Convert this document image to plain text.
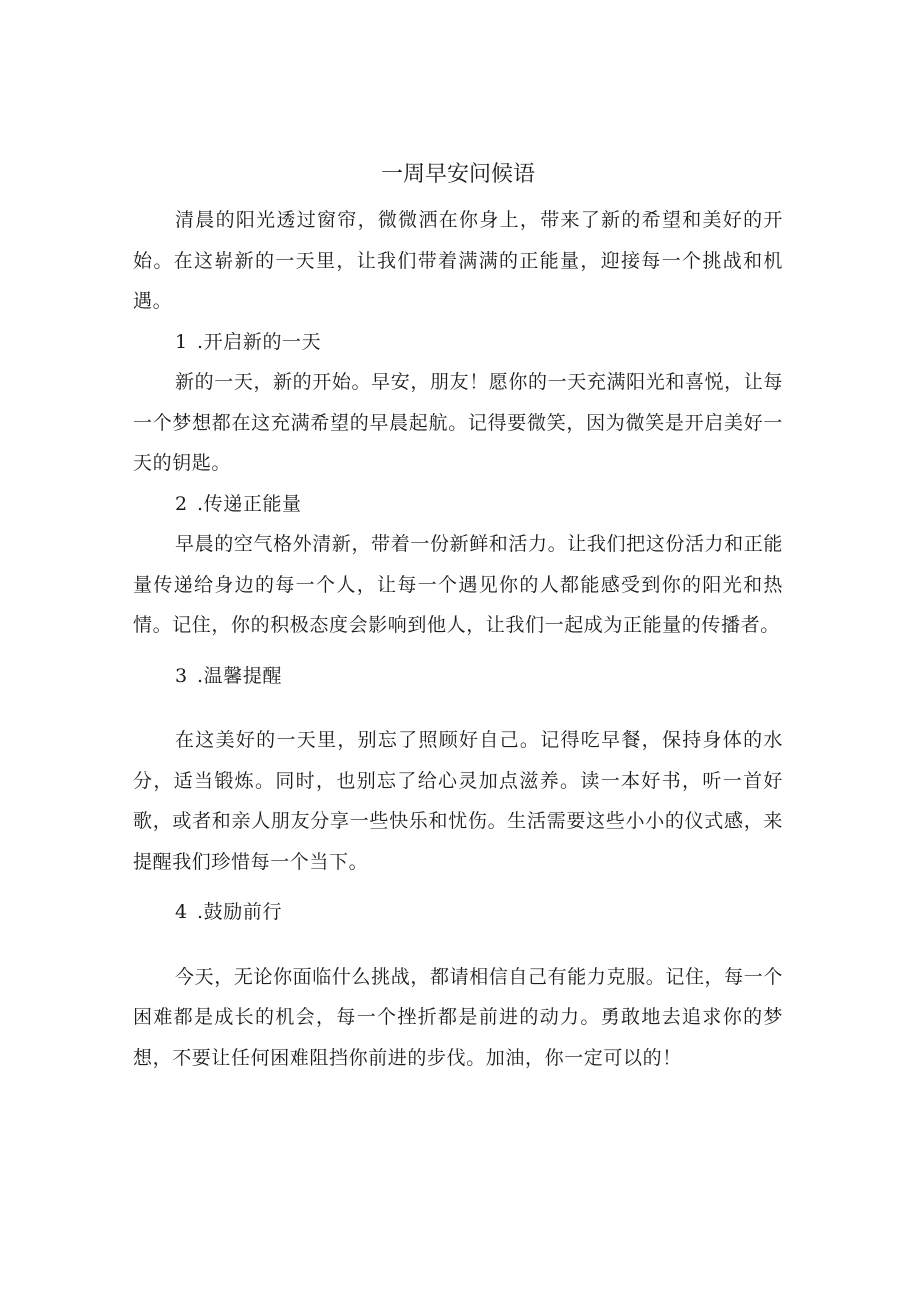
一周早安问候语

清晨的阳光透过窗帘，微微洒在你身上，带来了新的希望和美好的开始。在这崭新的一天里，让我们带着满满的正能量，迎接每一个挑战和机遇。

1 .开启新的一天

新的一天，新的开始。早安，朋友！愿你的一天充满阳光和喜悦，让每一个梦想都在这充满希望的早晨起航。记得要微笑，因为微笑是开启美好一天的钥匙。

2 .传递正能量

早晨的空气格外清新，带着一份新鲜和活力。让我们把这份活力和正能量传递给身边的每一个人，让每一个遇见你的人都能感受到你的阳光和热情。记住，你的积极态度会影响到他人，让我们一起成为正能量的传播者。

3 .温馨提醒

在这美好的一天里，别忘了照顾好自己。记得吃早餐，保持身体的水分，适当锻炼。同时，也别忘了给心灵加点滋养。读一本好书，听一首好歌，或者和亲人朋友分享一些快乐和忧伤。生活需要这些小小的仪式感，来提醒我们珍惜每一个当下。

4 .鼓励前行

今天，无论你面临什么挑战，都请相信自己有能力克服。记住，每一个困难都是成长的机会，每一个挫折都是前进的动力。勇敢地去追求你的梦想，不要让任何困难阻挡你前进的步伐。加油，你一定可以的！
